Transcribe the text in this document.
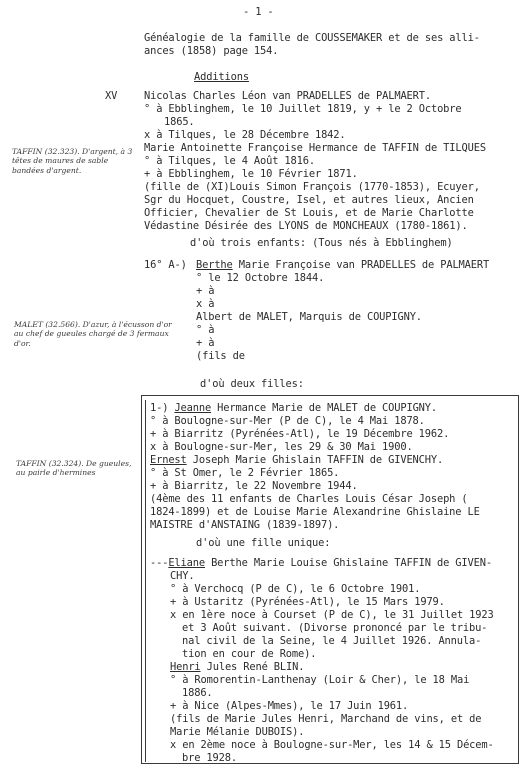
- 1 -
Généalogie de la famille de COUSSEMAKER et de ses alli-
ances (1858) page 154.
Additions
XV	Nicolas Charles Léon van PRADELLES de PALMAERT.
° à Ebblinghem, le 10 Juillet 1819, y + le 2 Octobre
1865.
x à Tilques, le 28 Décembre 1842.
Marie Antoinette Françoise Hermance de TAFFIN de TILQUES
° à Tilques, le 4 Août 1816.
+ à Ebblinghem, le 10 Février 1871.
(fille de (XI)Louis Simon François (1770-1853), Ecuyer,
Sgr du Hocquet, Coustre, Isel, et autres lieux, Ancien
Officier, Chevalier de St Louis, et de Marie Charlotte
Védastine Désirée des LYONS de MONCHEAUX (1780-1861).
d'où trois enfants: (Tous nés à Ebblinghem)
16° A-) Berthe Marie Françoise van PRADELLES de PALMAERT
° le 12 Octobre 1844.
+ à
x à
Albert de MALET, Marquis de COUPIGNY.
° à
+ à
(fils de
d'où deux filles:
1-) Jeanne Hermance Marie de MALET de COUPIGNY.
° à Boulogne-sur-Mer (P de C), le 4 Mai 1878.
+ à Biarritz (Pyrénées-Atl), le 19 Décembre 1962.
x à Boulogne-sur-Mer, les 29 & 30 Mai 1900.
Ernest Joseph Marie Ghislain TAFFIN de GIVENCHY.
° à St Omer, le 2 Février 1865.
+ à Biarritz, le 22 Novembre 1944.
(4ème des 11 enfants de Charles Louis César Joseph (
1824-1899) et de Louise Marie Alexandrine Ghislaine LE
MAISTRE d'ANSTAING (1839-1897).
d'où une fille unique:
---Eliane Berthe Marie Louise Ghislaine TAFFIN de GIVEN-
CHY.
° à Verchocq (P de C), le 6 Octobre 1901.
+ à Ustaritz (Pyrénées-Atl), le 15 Mars 1979.
x en 1ère noce à Courset (P de C), le 31 Juillet 1923
et 3 Août suivant. (Divorse prononcé par le tribu-
nal civil de la Seine, le 4 Juillet 1926. Annula-
tion en cour de Rome).
Henri Jules René BLIN.
° à Romorentin-Lanthenay (Loir & Cher), le 18 Mai
1886.
+ à Nice (Alpes-Mmes), le 17 Juin 1961.
(fils de Marie Jules Henri, Marchand de vins, et de
Marie Mélanie DUBOIS).
x en 2ème noce à Boulogne-sur-Mer, les 14 & 15 Décem-
bre 1928.

TAFFIN (32.323). D'argent, à 3
têtes de maures de sable
bandées d'argent.

MALET (32.566). D'azur, à l'écusson d'or
au chef de gueules chargé de 3 fermaux
d'or.

TAFFIN (32.324). De gueules,
au pairle d'hermines
